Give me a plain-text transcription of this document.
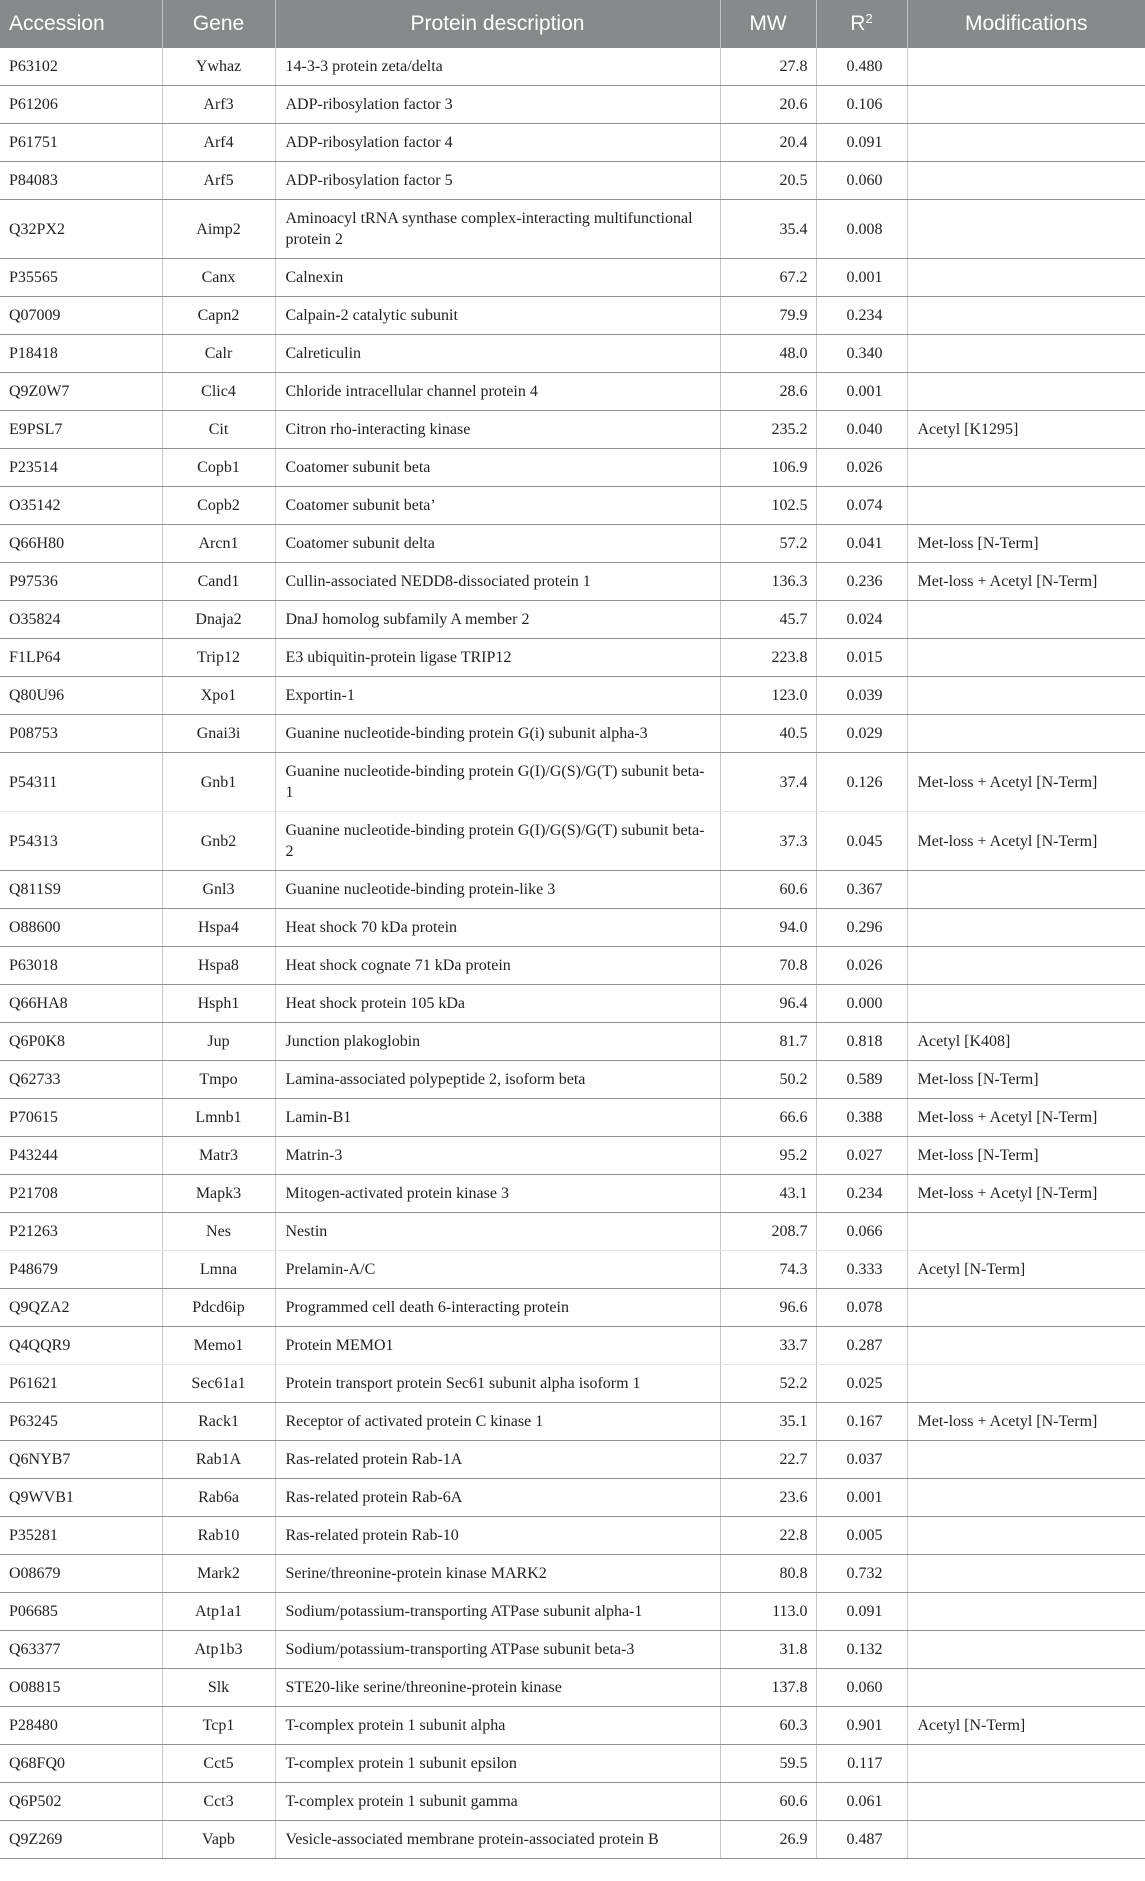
Accession	Gene	Protein description	MW	$R^2$	Modifications
P63102	Ywhaz	14-3-3 protein zeta/delta	27.8	0.480	
P61206	Arf3	ADP-ribosylation factor 3	20.6	0.106	
P61751	Arf4	ADP-ribosylation factor 4	20.4	0.091	
P84083	Arf5	ADP-ribosylation factor 5	20.5	0.060	
Q32PX2	Aimp2	Aminoacyl tRNA synthase complex-interacting multifunctional protein 2	35.4	0.008	
P35565	Canx	Calnexin	67.2	0.001	
Q07009	Capn2	Calpain-2 catalytic subunit	79.9	0.234	
P18418	Calr	Calreticulin	48.0	0.340	
Q9Z0W7	Clic4	Chloride intracellular channel protein 4	28.6	0.001	
E9PSL7	Cit	Citron rho-interacting kinase	235.2	0.040	Acetyl [K1295]
P23514	Copb1	Coatomer subunit beta	106.9	0.026	
O35142	Copb2	Coatomer subunit beta’	102.5	0.074	
Q66H80	Arcn1	Coatomer subunit delta	57.2	0.041	Met-loss [N-Term]
P97536	Cand1	Cullin-associated NEDD8-dissociated protein 1	136.3	0.236	Met-loss + Acetyl [N-Term]
O35824	Dnaja2	DnaJ homolog subfamily A member 2	45.7	0.024	
F1LP64	Trip12	E3 ubiquitin-protein ligase TRIP12	223.8	0.015	
Q80U96	Xpo1	Exportin-1	123.0	0.039	
P08753	Gnai3i	Guanine nucleotide-binding protein G(i) subunit alpha-3	40.5	0.029	
P54311	Gnb1	Guanine nucleotide-binding protein G(I)/G(S)/G(T) subunit beta-1	37.4	0.126	Met-loss + Acetyl [N-Term]
P54313	Gnb2	Guanine nucleotide-binding protein G(I)/G(S)/G(T) subunit beta-2	37.3	0.045	Met-loss + Acetyl [N-Term]
Q811S9	Gnl3	Guanine nucleotide-binding protein-like 3	60.6	0.367	
O88600	Hspa4	Heat shock 70 kDa protein	94.0	0.296	
P63018	Hspa8	Heat shock cognate 71 kDa protein	70.8	0.026	
Q66HA8	Hsph1	Heat shock protein 105 kDa	96.4	0.000	
Q6P0K8	Jup	Junction plakoglobin	81.7	0.818	Acetyl [K408]
Q62733	Tmpo	Lamina-associated polypeptide 2, isoform beta	50.2	0.589	Met-loss [N-Term]
P70615	Lmnb1	Lamin-B1	66.6	0.388	Met-loss + Acetyl [N-Term]
P43244	Matr3	Matrin-3	95.2	0.027	Met-loss [N-Term]
P21708	Mapk3	Mitogen-activated protein kinase 3	43.1	0.234	Met-loss + Acetyl [N-Term]
P21263	Nes	Nestin	208.7	0.066	
P48679	Lmna	Prelamin-A/C	74.3	0.333	Acetyl [N-Term]
Q9QZA2	Pdcd6ip	Programmed cell death 6-interacting protein	96.6	0.078	
Q4QQR9	Memo1	Protein MEMO1	33.7	0.287	
P61621	Sec61a1	Protein transport protein Sec61 subunit alpha isoform 1	52.2	0.025	
P63245	Rack1	Receptor of activated protein C kinase 1	35.1	0.167	Met-loss + Acetyl [N-Term]
Q6NYB7	Rab1A	Ras-related protein Rab-1A	22.7	0.037	
Q9WVB1	Rab6a	Ras-related protein Rab-6A	23.6	0.001	
P35281	Rab10	Ras-related protein Rab-10	22.8	0.005	
O08679	Mark2	Serine/threonine-protein kinase MARK2	80.8	0.732	
P06685	Atp1a1	Sodium/potassium-transporting ATPase subunit alpha-1	113.0	0.091	
Q63377	Atp1b3	Sodium/potassium-transporting ATPase subunit beta-3	31.8	0.132	
O08815	Slk	STE20-like serine/threonine-protein kinase	137.8	0.060	
P28480	Tcp1	T-complex protein 1 subunit alpha	60.3	0.901	Acetyl [N-Term]
Q68FQ0	Cct5	T-complex protein 1 subunit epsilon	59.5	0.117	
Q6P502	Cct3	T-complex protein 1 subunit gamma	60.6	0.061	
Q9Z269	Vapb	Vesicle-associated membrane protein-associated protein B	26.9	0.487	
